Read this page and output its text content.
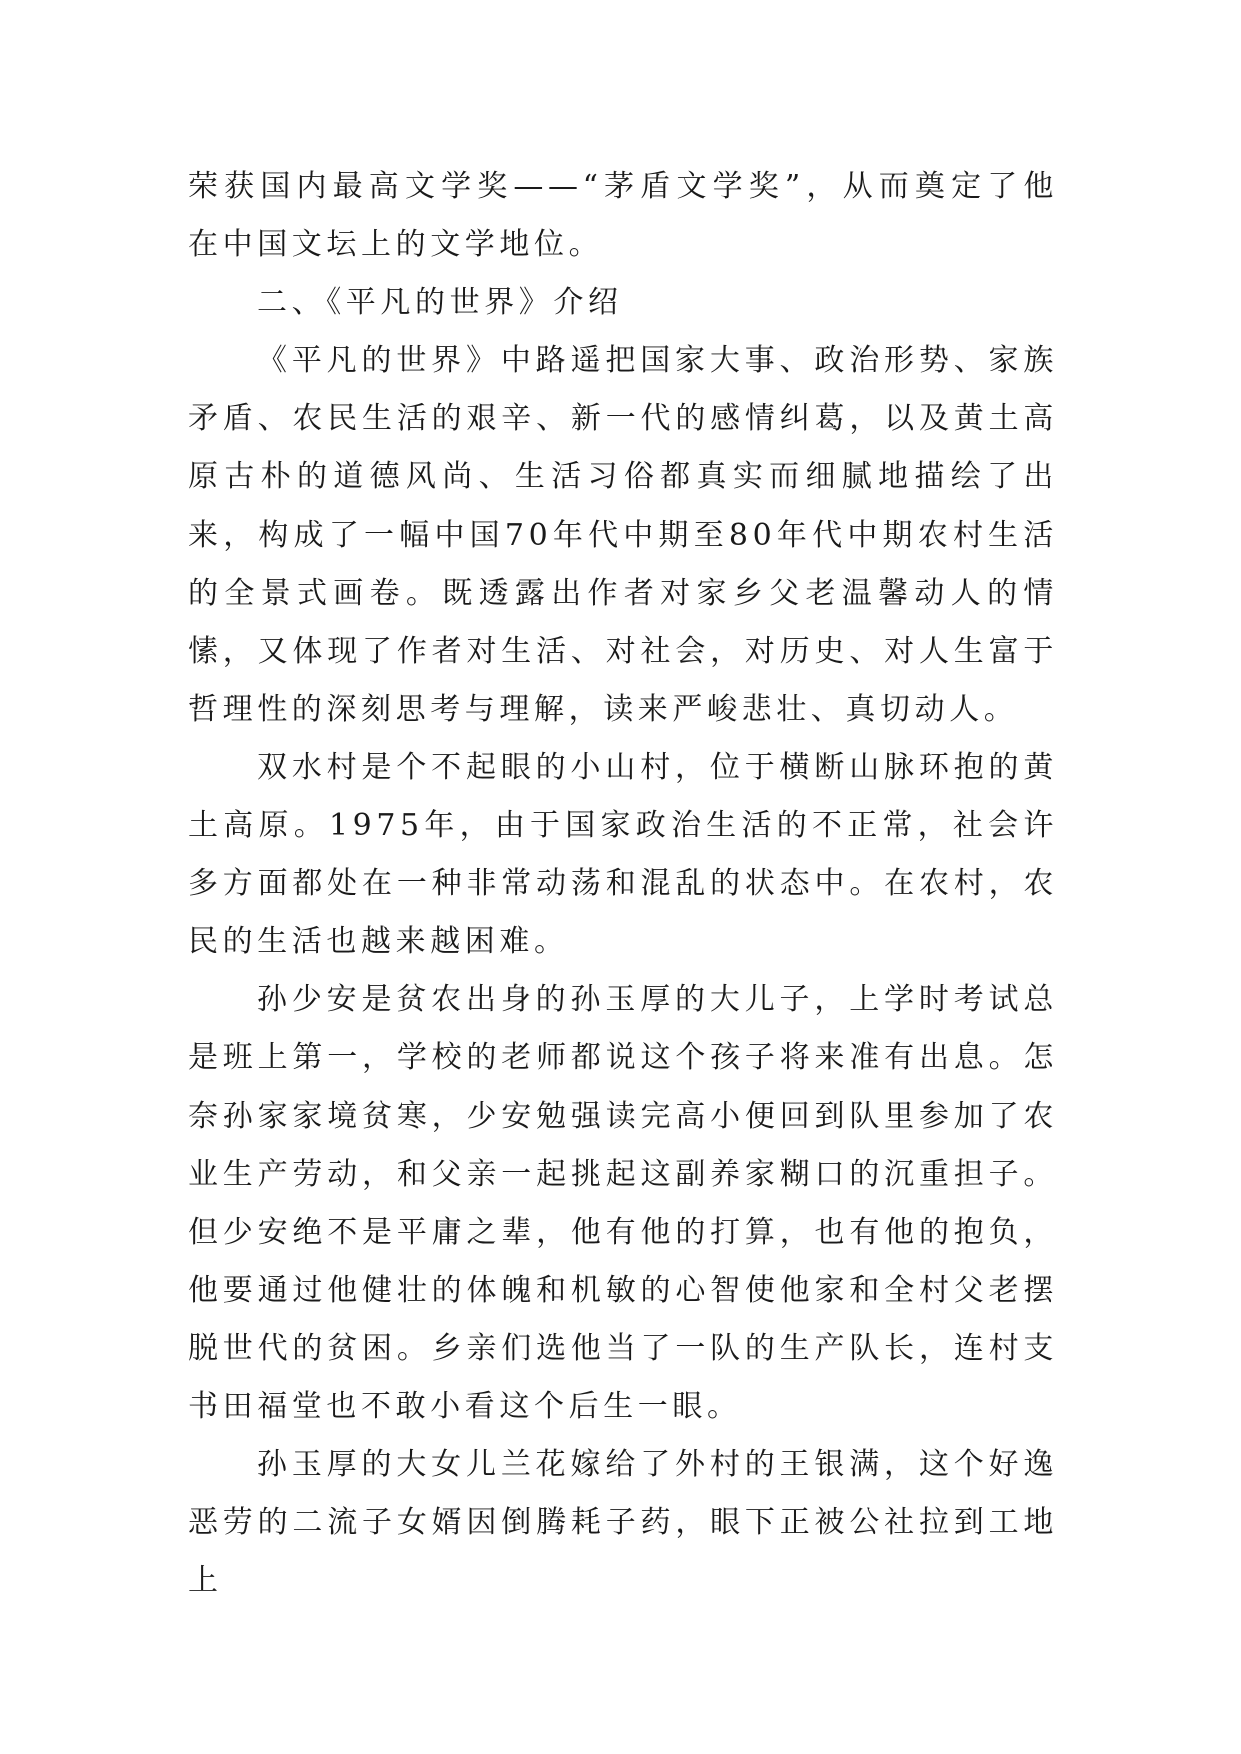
荣获国内最高文学奖——“茅盾文学奖”，从而奠定了他在中国文坛上的文学地位。

二、《平凡的世界》介绍

《平凡的世界》中路遥把国家大事、政治形势、家族矛盾、农民生活的艰辛、新一代的感情纠葛，以及黄土高原古朴的道德风尚、生活习俗都真实而细腻地描绘了出来，构成了一幅中国70年代中期至80年代中期农村生活的全景式画卷。既透露出作者对家乡父老温馨动人的情愫，又体现了作者对生活、对社会，对历史、对人生富于哲理性的深刻思考与理解，读来严峻悲壮、真切动人。

双水村是个不起眼的小山村，位于横断山脉环抱的黄土高原。1975年，由于国家政治生活的不正常，社会许多方面都处在一种非常动荡和混乱的状态中。在农村，农民的生活也越来越困难。

孙少安是贫农出身的孙玉厚的大儿子，上学时考试总是班上第一，学校的老师都说这个孩子将来准有出息。怎奈孙家家境贫寒，少安勉强读完高小便回到队里参加了农业生产劳动，和父亲一起挑起这副养家糊口的沉重担子。但少安绝不是平庸之辈，他有他的打算，也有他的抱负，他要通过他健壮的体魄和机敏的心智使他家和全村父老摆脱世代的贫困。乡亲们选他当了一队的生产队长，连村支书田福堂也不敢小看这个后生一眼。

孙玉厚的大女儿兰花嫁给了外村的王银满，这个好逸恶劳的二流子女婿因倒腾耗子药，眼下正被公社拉到工地上
